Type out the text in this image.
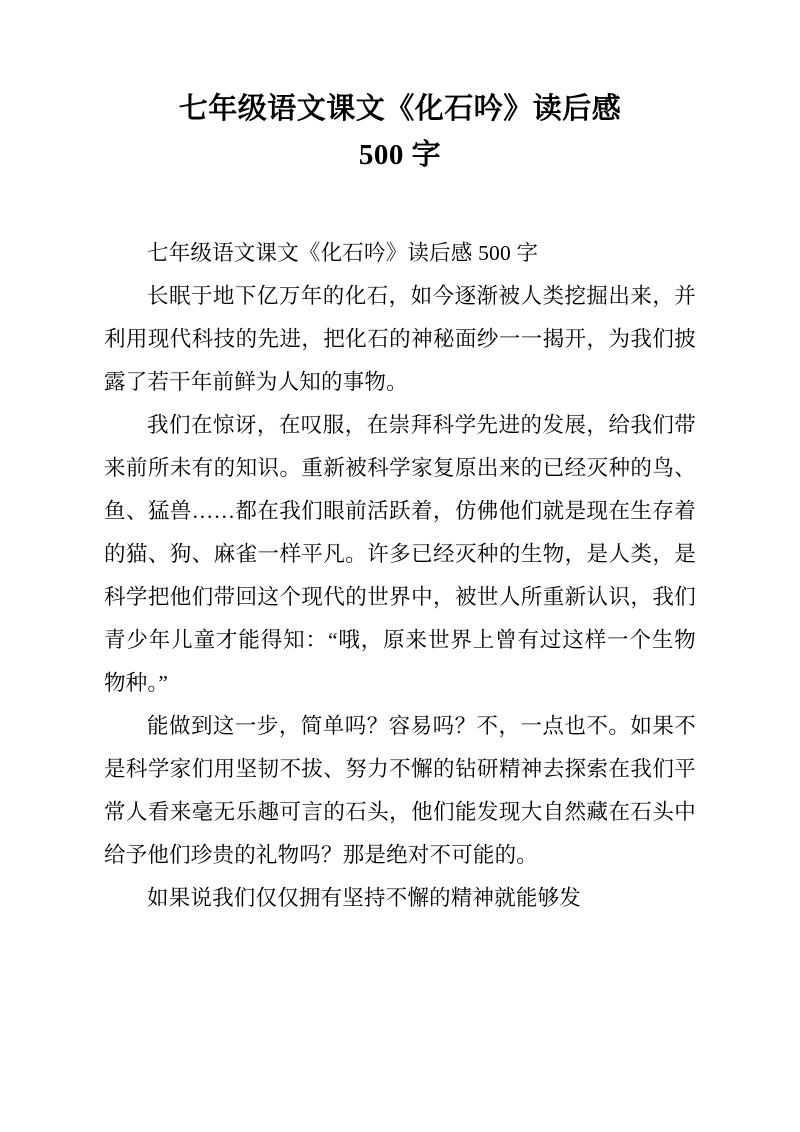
七年级语文课文《化石吟》读后感
500 字

七年级语文课文《化石吟》读后感 500 字

长眠于地下亿万年的化石，如今逐渐被人类挖掘出来，并利用现代科技的先进，把化石的神秘面纱一一揭开，为我们披露了若干年前鲜为人知的事物。

我们在惊讶，在叹服，在崇拜科学先进的发展，给我们带来前所未有的知识。重新被科学家复原出来的已经灭种的鸟、鱼、猛兽……都在我们眼前活跃着，仿佛他们就是现在生存着的猫、狗、麻雀一样平凡。许多已经灭种的生物，是人类，是科学把他们带回这个现代的世界中，被世人所重新认识，我们青少年儿童才能得知：“哦，原来世界上曾有过这样一个生物物种。”

能做到这一步，简单吗？容易吗？不，一点也不。如果不是科学家们用坚韧不拔、努力不懈的钻研精神去探索在我们平常人看来毫无乐趣可言的石头，他们能发现大自然藏在石头中给予他们珍贵的礼物吗？那是绝对不可能的。

如果说我们仅仅拥有坚持不懈的精神就能够发
